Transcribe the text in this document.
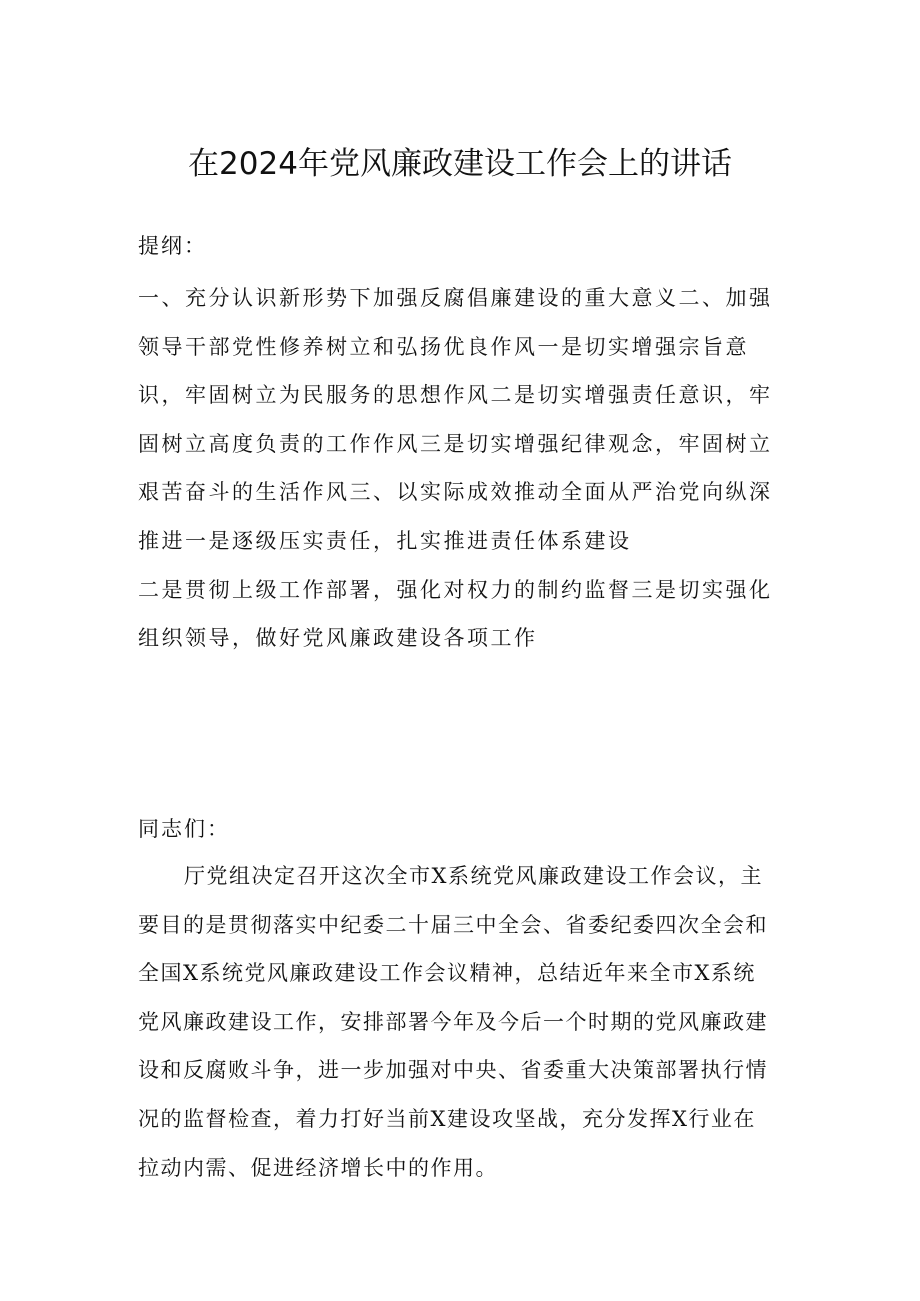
在2024年党风廉政建设工作会上的讲话
提纲：
一、充分认识新形势下加强反腐倡廉建设的重大意义二、加强
领导干部党性修养树立和弘扬优良作风一是切实增强宗旨意
识，牢固树立为民服务的思想作风二是切实增强责任意识，牢
固树立高度负责的工作作风三是切实增强纪律观念，牢固树立
艰苦奋斗的生活作风三、以实际成效推动全面从严治党向纵深
推进一是逐级压实责任，扎实推进责任体系建设
二是贯彻上级工作部署，强化对权力的制约监督三是切实强化
组织领导，做好党风廉政建设各项工作
同志们：
厅党组决定召开这次全市X系统党风廉政建设工作会议，主
要目的是贯彻落实中纪委二十届三中全会、省委纪委四次全会和
全国X系统党风廉政建设工作会议精神，总结近年来全市X系统
党风廉政建设工作，安排部署今年及今后一个时期的党风廉政建
设和反腐败斗争，进一步加强对中央、省委重大决策部署执行情
况的监督检查，着力打好当前X建设攻坚战，充分发挥X行业在
拉动内需、促进经济增长中的作用。
